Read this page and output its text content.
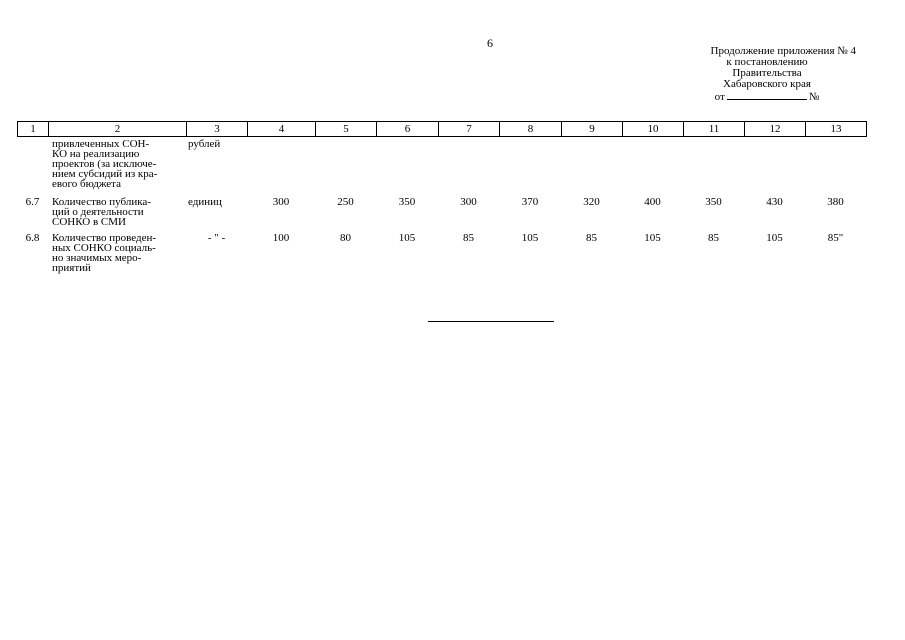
6
Продолжение приложения № 4
к постановлению
Правительства
Хабаровского края
от	№
1	2	3	4	5	6	7	8	9	10	11	12	13

	привлеченных СОН-
КО на реализацию
проектов (за исключе-
нием субсидий из кра-
евого бюджета	рублей										
6.7	Количество публика-
ций о деятельности
СОНКО в СМИ	единиц	300	250	350	300	370	320	400	350	430	380
6.8	Количество проведен-
ных СОНКО социаль-
но значимых меро-
приятий	- " -	100	80	105	85	105	85	105	85	105	85"
